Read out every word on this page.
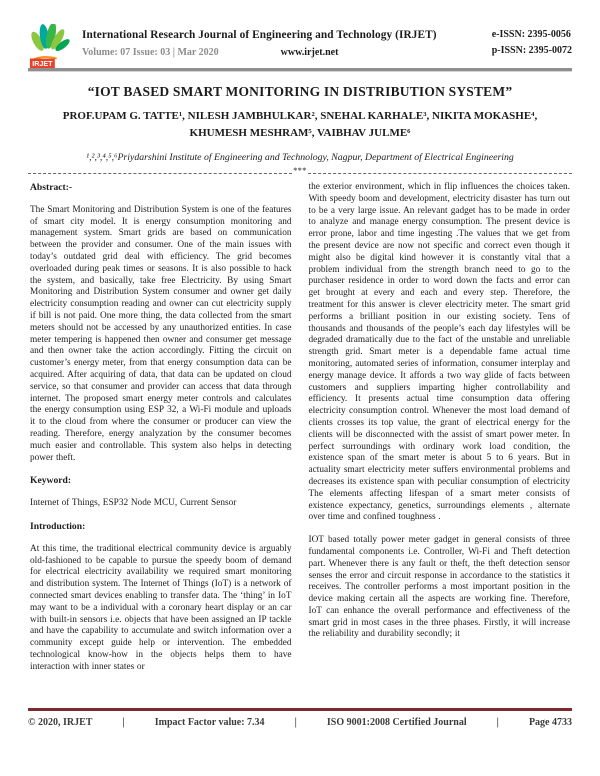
IRJET
International Research Journal of Engineering and Technology (IRJET)
Volume: 07 Issue: 03 | Mar 2020	www.irjet.net
e-ISSN: 2395-0056
p-ISSN: 2395-0072
“IOT BASED SMART MONITORING IN DISTRIBUTION SYSTEM”
PROF.UPAM G. TATTE¹, NILESH JAMBHULKAR², SNEHAL KARHALE³, NIKITA MOKASHE⁴, KHUMESH MESHRAM⁵, VAIBHAV JULME⁶
¹,²,³,⁴,⁵,⁶Priydarshini Institute of Engineering and Technology, Nagpur, Department of Electrical Engineering
***
Abstract:-

The Smart Monitoring and Distribution System is one of the features of smart city model. It is energy consumption monitoring and management system. Smart grids are based on communication between the provider and consumer. One of the main issues with today’s outdated grid deal with efficiency. The grid becomes overloaded during peak times or seasons. It is also possible to hack the system, and basically, take free Electricity. By using Smart Monitoring and Distribution System consumer and owner get daily electricity consumption reading and owner can cut electricity supply if bill is not paid. One more thing, the data collected from the smart meters should not be accessed by any unauthorized entities. In case meter tempering is happened then owner and consumer get message and then owner take the action accordingly. Fitting the circuit on customer’s energy meter, from that energy consumption data can be acquired. After acquiring of data, that data can be updated on cloud service, so that consumer and provider can access that data through internet. The proposed smart energy meter controls and calculates the energy consumption using ESP 32, a Wi-Fi module and uploads it to the cloud from where the consumer or producer can view the reading. Therefore, energy analyzation by the consumer becomes much easier and controllable. This system also helps in detecting power theft.

Keyword:

Internet of Things, ESP32 Node MCU, Current Sensor

Introduction:

At this time, the traditional electrical community device is arguably old-fashioned to be capable to pursue the speedy boom of demand for electrical electricity availability we required smart monitoring and distribution system. The Internet of Things (IoT) is a network of connected smart devices enabling to transfer data. The ‘thing’ in IoT may want to be a individual with a coronary heart display or an car with built-in sensors i.e. objects that have been assigned an IP tackle and have the capability to accumulate and switch information over a community except guide help or intervention. The embedded technological know-how in the objects helps them to have interaction with inner states or

the exterior environment, which in flip influences the choices taken. With speedy boom and development, electricity disaster has turn out to be a very large issue. An relevant gadget has to be made in order to analyze and manage energy consumption. The present device is error prone, labor and time ingesting .The values that we get from the present device are now not specific and correct even though it might also be digital kind however it is constantly vital that a problem individual from the strength branch need to go to the purchaser residence in order to word down the facts and error can get brought at every and each and every step. Therefore, the treatment for this answer is clever electricity meter. The smart grid performs a brilliant position in our existing society. Tens of thousands and thousands of the people’s each day lifestyles will be degraded dramatically due to the fact of the unstable and unreliable strength grid. Smart meter is a dependable fame actual time monitoring, automated series of information, consumer interplay and energy manage device. It affords a two way glide of facts between customers and suppliers imparting higher controllability and efficiency. It presents actual time consumption data offering electricity consumption control. Whenever the most load demand of clients crosses its top value, the grant of electrical energy for the clients will be disconnected with the assist of smart power meter. In perfect surroundings with ordinary work load condition, the existence span of the smart meter is about 5 to 6 years. But in actuality smart electricity meter suffers environmental problems and decreases its existence span with peculiar consumption of electricity The elements affecting lifespan of a smart meter consists of existence expectancy, genetics, surroundings elements , alternate over time and confined toughness .

IOT based totally power meter gadget in general consists of three fundamental components i.e. Controller, Wi-Fi and Theft detection part. Whenever there is any fault or theft, the theft detection sensor senses the error and circuit response in accordance to the statistics it receives. The controller performs a most important position in the device making certain all the aspects are working fine. Therefore, IoT can enhance the overall performance and effectiveness of the smart grid in most cases in the three phases. Firstly, it will increase the reliability and durability secondly; it

© 2020, IRJET	|	Impact Factor value: 7.34	|	ISO 9001:2008 Certified Journal	|	Page 4733
